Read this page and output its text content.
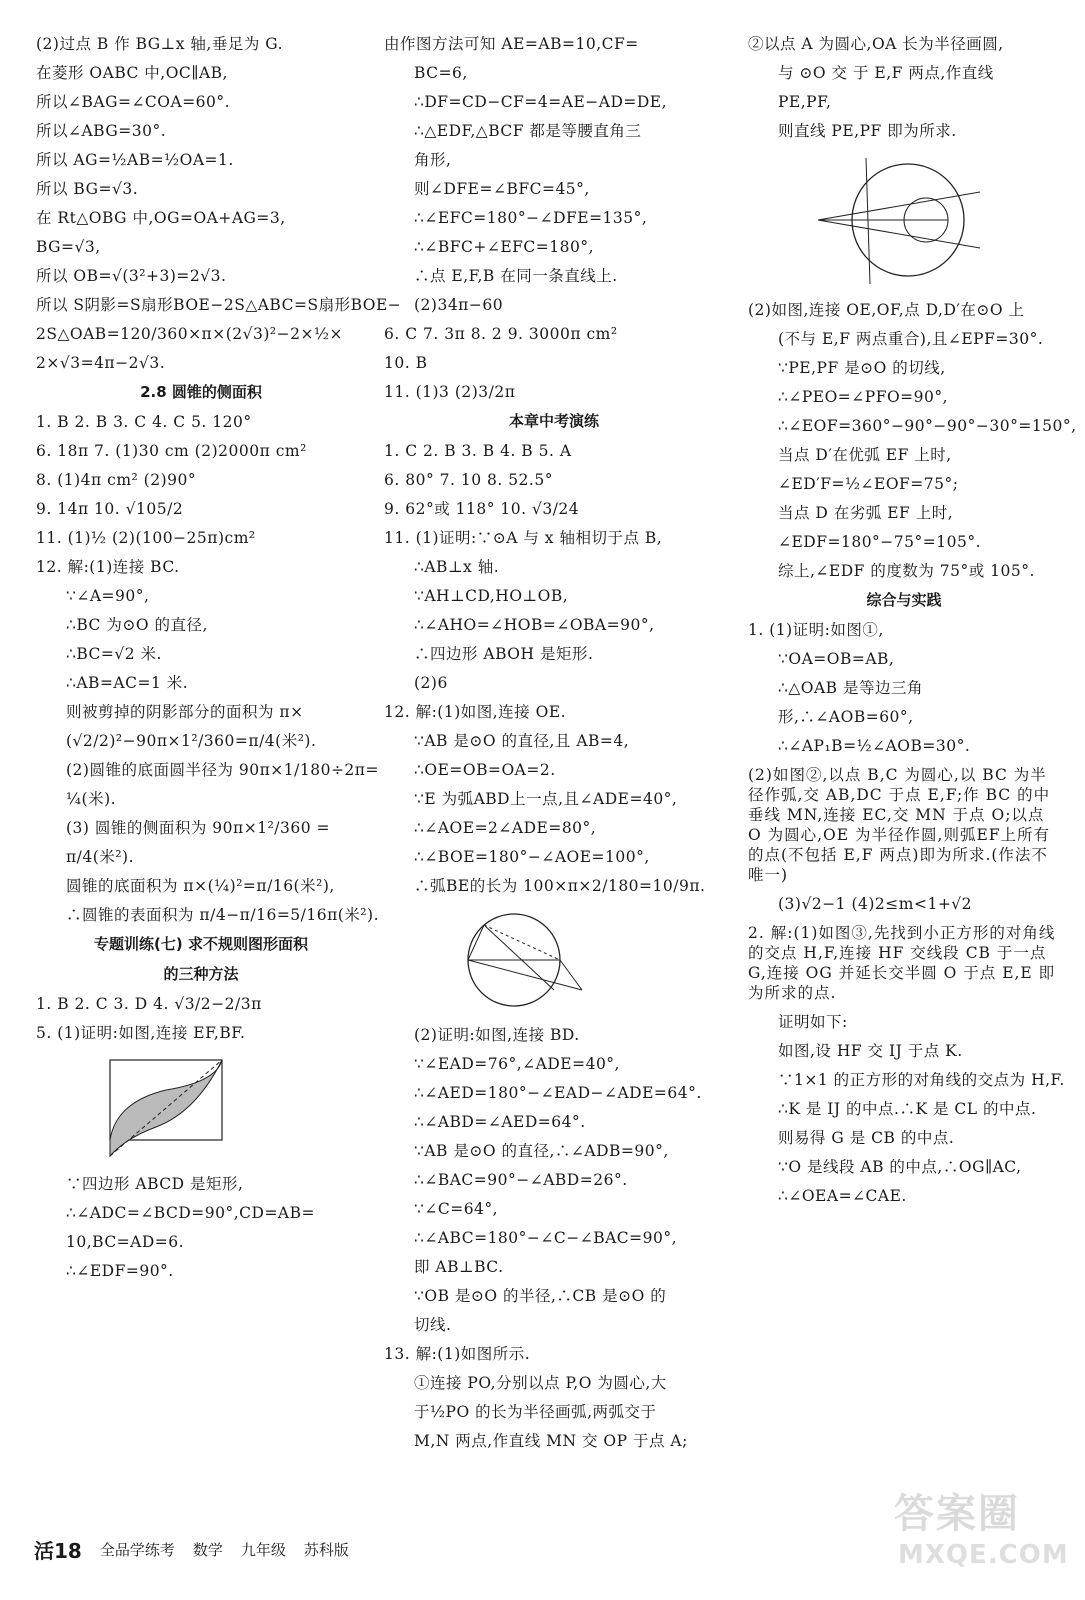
(2)过点 B 作 BG⊥x 轴,垂足为 G.
在菱形 OABC 中,OC∥AB,
所以∠BAG=∠COA=60°.
所以∠ABG=30°.
所以 AG=½AB=½OA=1.
所以 BG=√3.
在 Rt△OBG 中,OG=OA+AG=3,
BG=√3,
所以 OB=√(3²+3)=2√3.
所以 S阴影=S扇形BOE−2S△ABC=S扇形BOE−
2S△OAB=120/360×π×(2√3)²−2×½×
2×√3=4π−2√3.
2.8 圆锥的侧面积
1. B 2. B 3. C 4. C 5. 120°
6. 18π 7. (1)30 cm (2)2000π cm²
8. (1)4π cm² (2)90°
9. 14π 10. √105/2
11. (1)½ (2)(100−25π)cm²
12. 解:(1)连接 BC.
∵∠A=90°,
∴BC 为⊙O 的直径,
∴BC=√2 米.
∴AB=AC=1 米.
则被剪掉的阴影部分的面积为 π×
(√2/2)²−90π×1²/360=π/4(米²).
(2)圆锥的底面圆半径为 90π×1/180÷2π=
¼(米).
(3) 圆锥的侧面积为 90π×1²/360 =
π/4(米²).
圆锥的底面积为 π×(¼)²=π/16(米²),
∴圆锥的表面积为 π/4−π/16=5/16π(米²).
专题训练(七) 求不规则图形面积
的三种方法
1. B 2. C 3. D 4. √3/2−2/3π
5. (1)证明:如图,连接 EF,BF.
∵四边形 ABCD 是矩形,
∴∠ADC=∠BCD=90°,CD=AB=
10,BC=AD=6.
∴∠EDF=90°.
由作图方法可知 AE=AB=10,CF=
BC=6,
∴DF=CD−CF=4=AE−AD=DE,
∴△EDF,△BCF 都是等腰直角三
角形,
则∠DFE=∠BFC=45°,
∴∠EFC=180°−∠DFE=135°,
∴∠BFC+∠EFC=180°,
∴点 E,F,B 在同一条直线上.
(2)34π−60
6. C 7. 3π 8. 2 9. 3000π cm²
10. B
11. (1)3 (2)3/2π
本章中考演练
1. C 2. B 3. B 4. B 5. A
6. 80° 7. 10 8. 52.5°
9. 62°或 118° 10. √3/24
11. (1)证明:∵⊙A 与 x 轴相切于点 B,
∴AB⊥x 轴.
∵AH⊥CD,HO⊥OB,
∴∠AHO=∠HOB=∠OBA=90°,
∴四边形 ABOH 是矩形.
(2)6
12. 解:(1)如图,连接 OE.
∵AB 是⊙O 的直径,且 AB=4,
∴OE=OB=OA=2.
∵E 为弧ABD上一点,且∠ADE=40°,
∴∠AOE=2∠ADE=80°,
∴∠BOE=180°−∠AOE=100°,
∴弧BE的长为 100×π×2/180=10/9π.
(2)证明:如图,连接 BD.
∵∠EAD=76°,∠ADE=40°,
∴∠AED=180°−∠EAD−∠ADE=64°.
∴∠ABD=∠AED=64°.
∵AB 是⊙O 的直径,∴∠ADB=90°,
∴∠BAC=90°−∠ABD=26°.
∵∠C=64°,
∴∠ABC=180°−∠C−∠BAC=90°,
即 AB⊥BC.
∵OB 是⊙O 的半径,∴CB 是⊙O 的
切线.
13. 解:(1)如图所示.
①连接 PO,分别以点 P,O 为圆心,大
于½PO 的长为半径画弧,两弧交于
M,N 两点,作直线 MN 交 OP 于点 A;
②以点 A 为圆心,OA 长为半径画圆,
与 ⊙O 交 于 E,F 两点,作直线
PE,PF,
则直线 PE,PF 即为所求.
(2)如图,连接 OE,OF,点 D,D′在⊙O 上
(不与 E,F 两点重合),且∠EPF=30°.
∵PE,PF 是⊙O 的切线,
∴∠PEO=∠PFO=90°,
∴∠EOF=360°−90°−90°−30°=150°,
当点 D′在优弧 EF 上时,
∠ED′F=½∠EOF=75°;
当点 D 在劣弧 EF 上时,
∠EDF=180°−75°=105°.
综上,∠EDF 的度数为 75°或 105°.
综合与实践
1. (1)证明:如图①,
∵OA=OB=AB,
∴△OAB 是等边三角
形,∴∠AOB=60°,
∴∠AP₁B=½∠AOB=30°.
(2)如图②,以点 B,C 为圆心,以 BC 为半径作弧,交 AB,DC 于点 E,F;作 BC 的中垂线 MN,连接 EC,交 MN 于点 O;以点 O 为圆心,OE 为半径作圆,则弧EF上所有的点(不包括 E,F 两点)即为所求.(作法不唯一)
(3)√2−1 (4)2≤m<1+√2
2. 解:(1)如图③,先找到小正方形的对角线的交点 H,F,连接 HF 交线段 CB 于一点 G,连接 OG 并延长交半圆 O 于点 E,E 即为所求的点.
证明如下:
如图,设 HF 交 IJ 于点 K.
∵1×1 的正方形的对角线的交点为 H,F.
∴K 是 IJ 的中点.∴K 是 CL 的中点.
则易得 G 是 CB 的中点.
∵O 是线段 AB 的中点,∴OG∥AC,
∴∠OEA=∠CAE.
活18 全品学练考 数学 九年级 苏科版
答案圈
MXQE.COM
